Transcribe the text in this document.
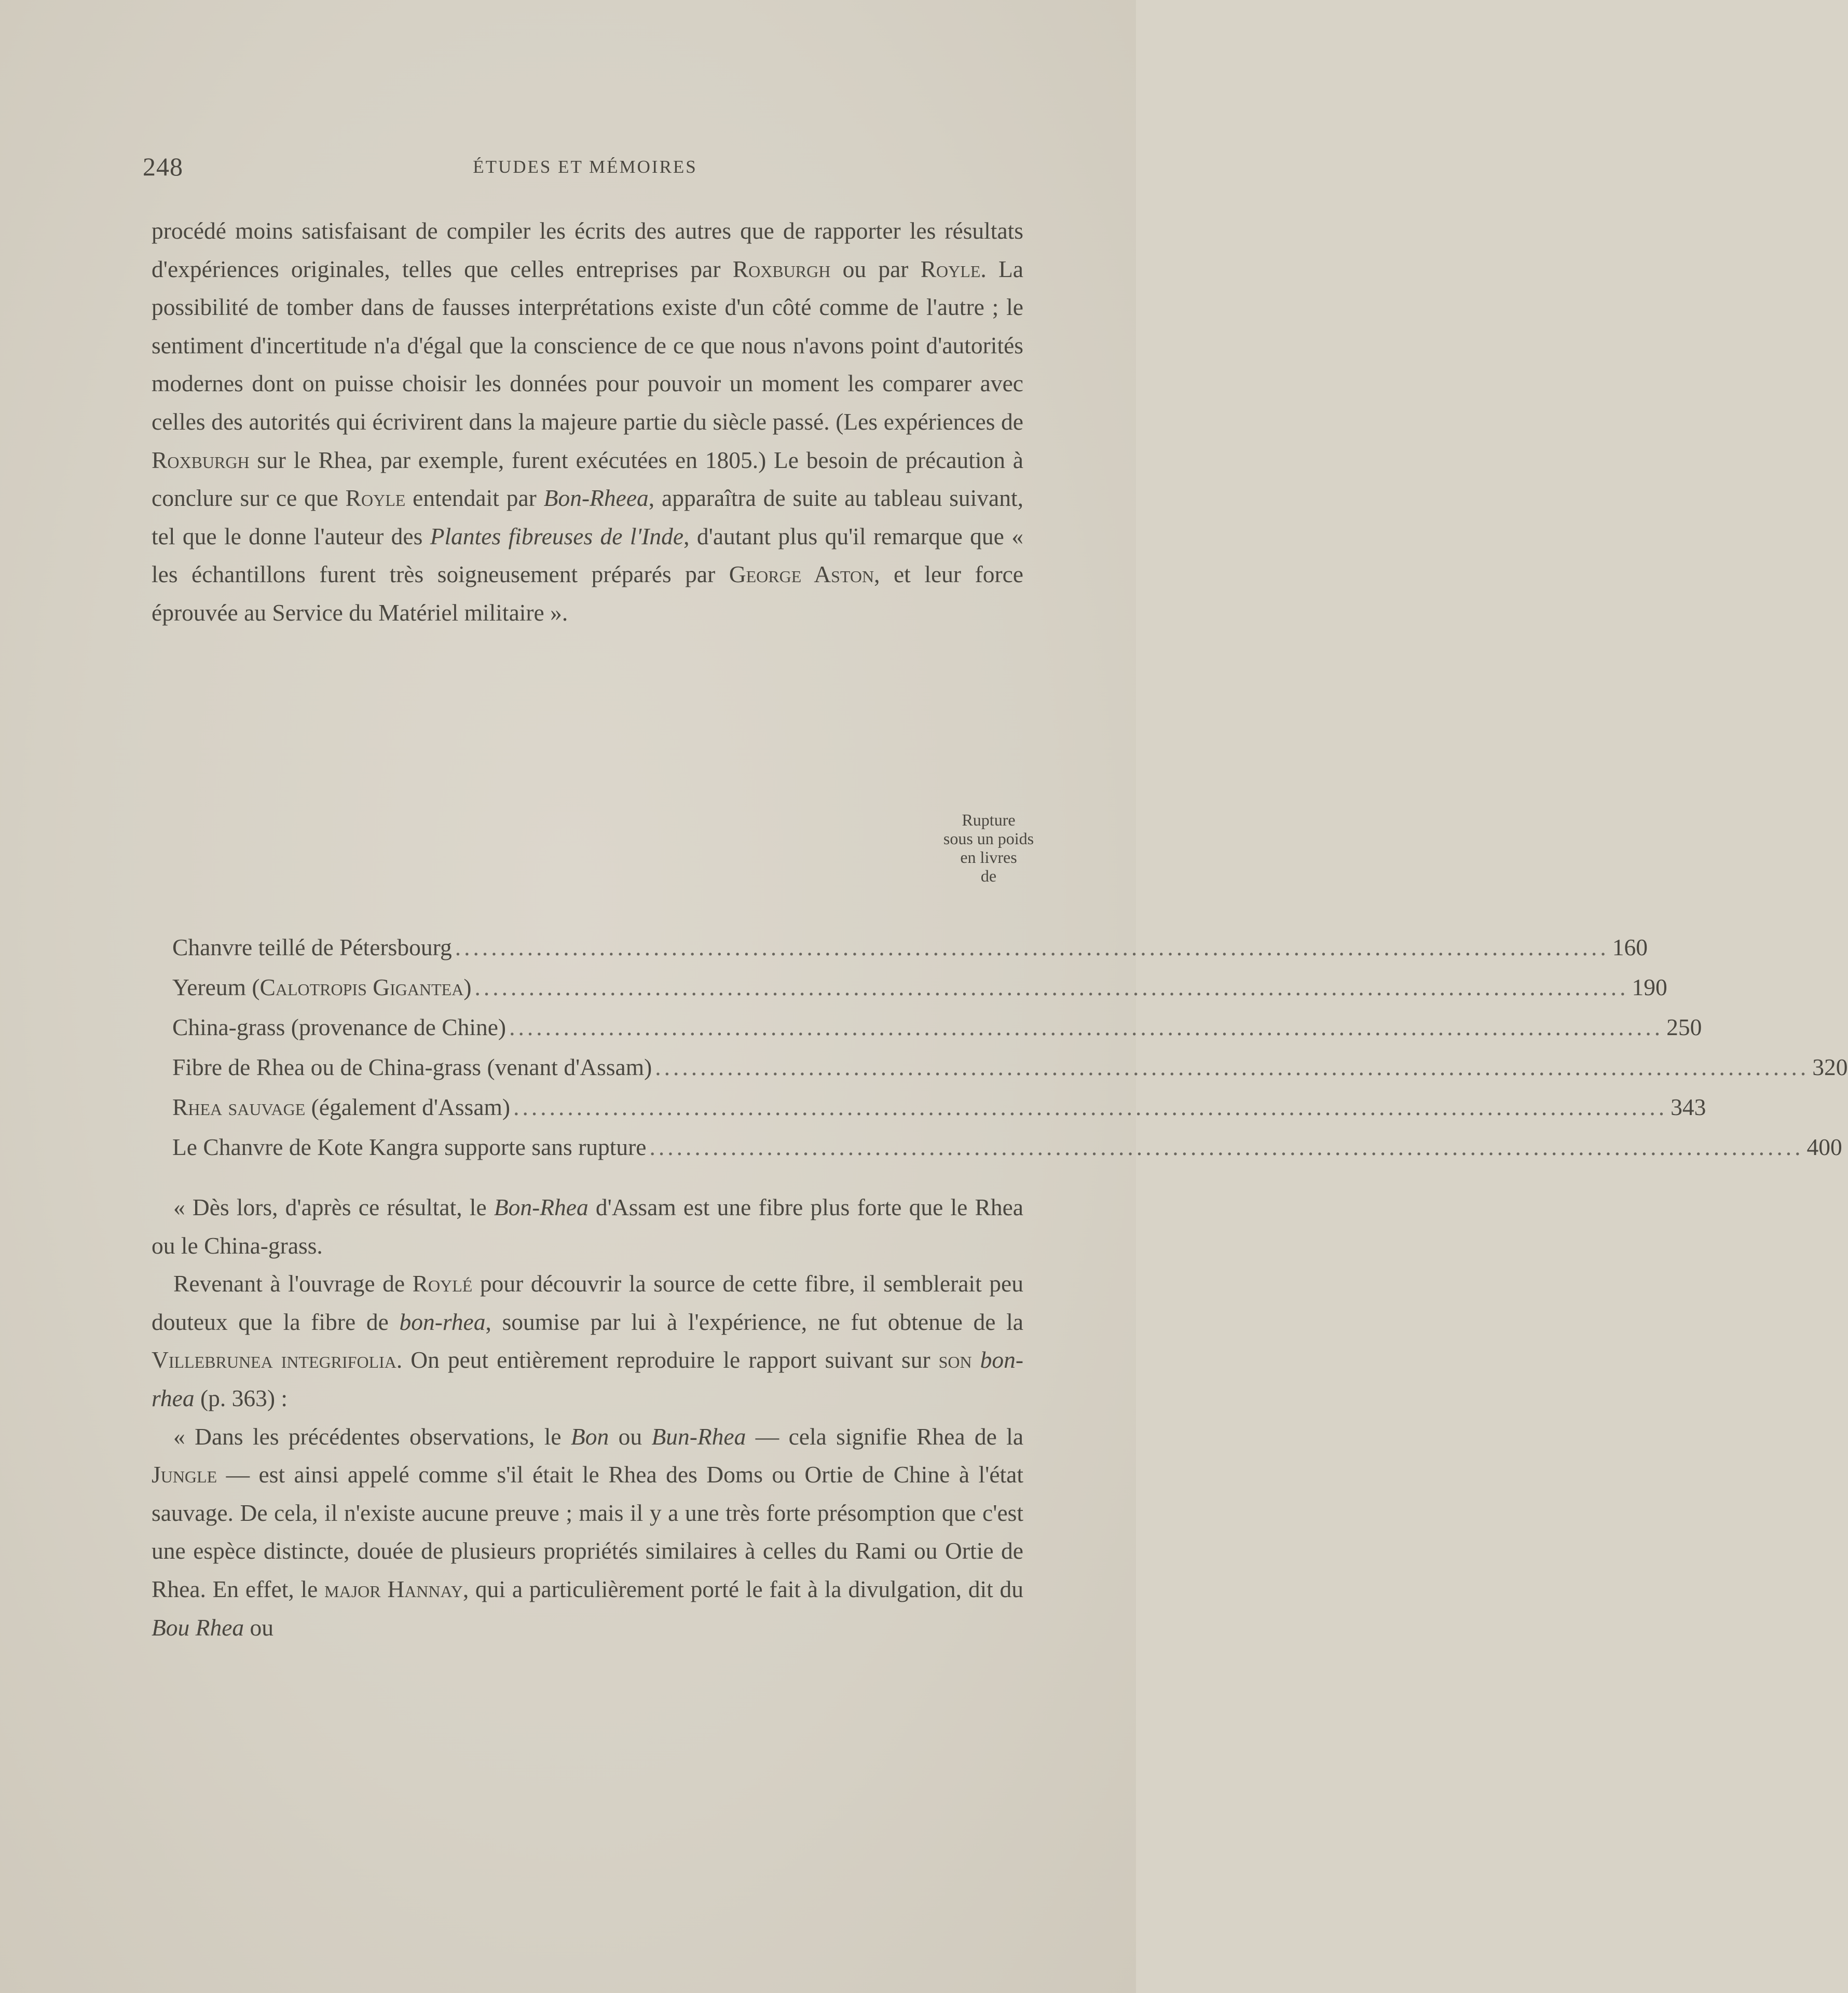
248	ÉTUDES ET MÉMOIRES

procédé moins satisfaisant de compiler les écrits des autres que de rapporter les résultats d'expériences originales, telles que celles entreprises par Roxburgh ou par Royle. La possibilité de tomber dans de fausses interprétations existe d'un côté comme de l'autre ; le sentiment d'incertitude n'a d'égal que la conscience de ce que nous n'avons point d'autorités modernes dont on puisse choisir les données pour pouvoir un moment les comparer avec celles des autorités qui écrivirent dans la majeure partie du siècle passé. (Les expériences de Roxburgh sur le Rhea, par exemple, furent exécutées en 1805.) Le besoin de précaution à conclure sur ce que Royle entendait par Bon-Rheea, apparaîtra de suite au tableau suivant, tel que le donne l'auteur des Plantes fibreuses de l'Inde, d'autant plus qu'il remarque que « les échantillons furent très soigneusement préparés par George Aston, et leur force éprouvée au Service du Matériel militaire ».

Rupture
sous un poids
en livres
de
Chanvre teillé de Pétersbourg ................................................................................................................................ 160
Yereum (Calotropis Gigantea) ................................................................................................................................ 190
China-grass (provenance de Chine) ................................................................................................................................ 250
Fibre de Rhea ou de China-grass (venant d'Assam) ................................................................................................................................ 320
Rhea sauvage (également d'Assam) ................................................................................................................................ 343
Le Chanvre de Kote Kangra supporte sans rupture ................................................................................................................................ 400

« Dès lors, d'après ce résultat, le Bon-Rhea d'Assam est une fibre plus forte que le Rhea ou le China-grass.

Revenant à l'ouvrage de Roylé pour découvrir la source de cette fibre, il semblerait peu douteux que la fibre de bon-rhea, soumise par lui à l'expérience, ne fut obtenue de la Villebrunea integrifolia. On peut entièrement reproduire le rapport suivant sur son bon-rhea (p. 363) :

« Dans les précédentes observations, le Bon ou Bun-Rhea — cela signifie Rhea de la Jungle — est ainsi appelé comme s'il était le Rhea des Doms ou Ortie de Chine à l'état sauvage. De cela, il n'existe aucune preuve ; mais il y a une très forte présomption que c'est une espèce distincte, douée de plusieurs propriétés similaires à celles du Rami ou Ortie de Rhea. En effet, le major Hannay, qui a particulièrement porté le fait à la divulgation, dit du Bou Rhea ou
